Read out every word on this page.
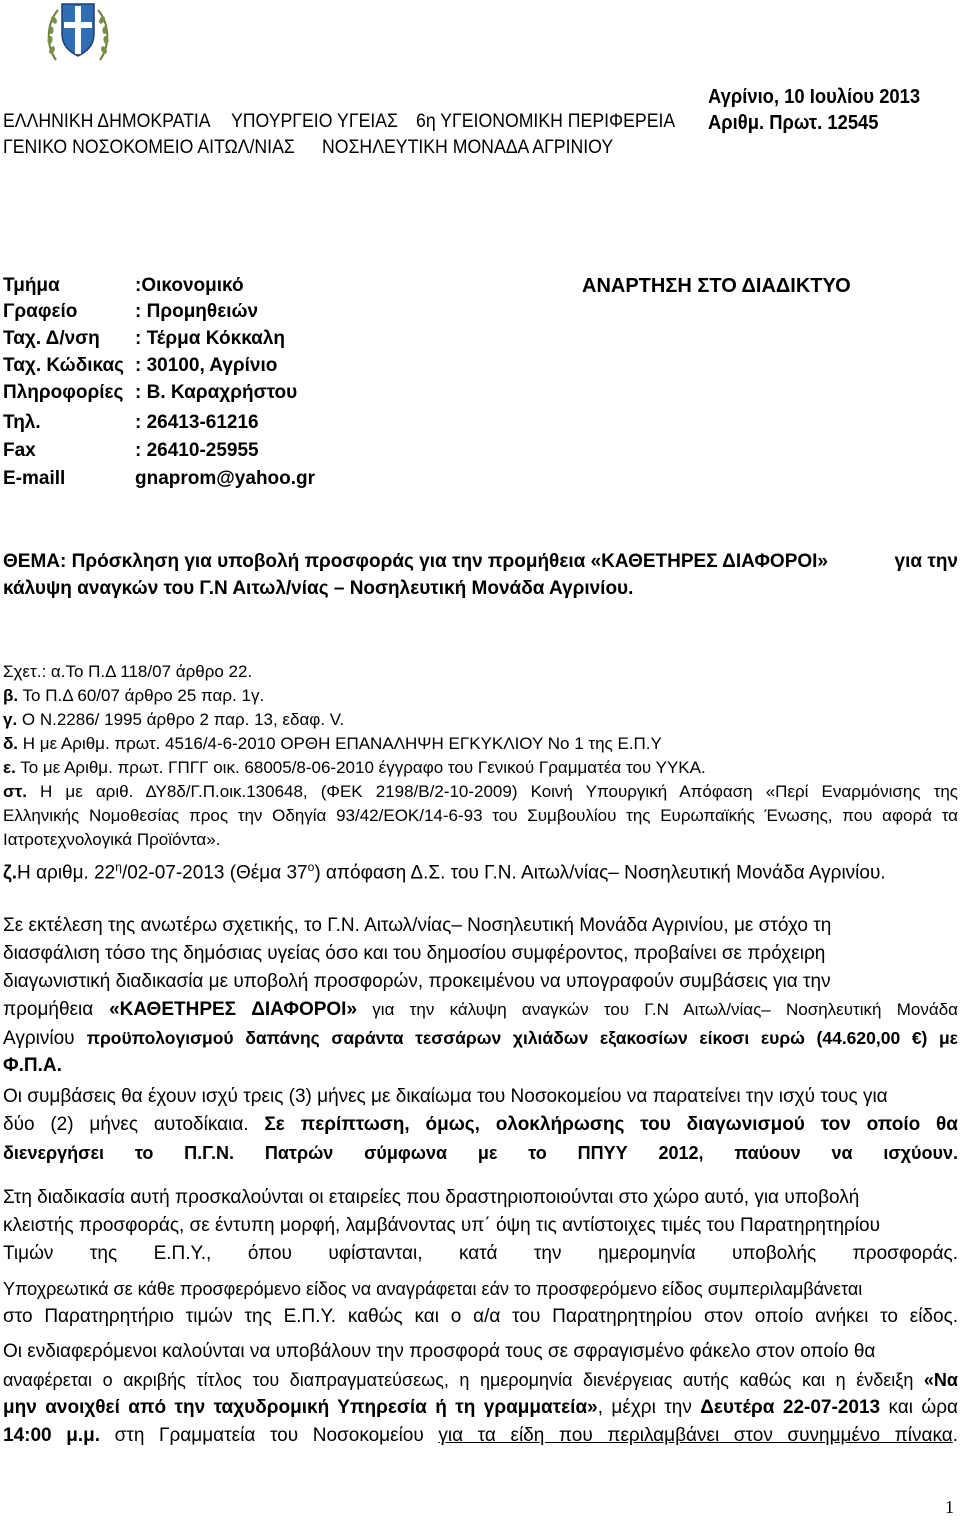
ΕΛΛΗΝΙΚΗ ΔΗΜΟΚΡΑΤΙΑ ΥΠΟΥΡΓΕΙΟ ΥΓΕΙΑΣ 6η ΥΓΕΙΟΝΟΜΙΚΗ ΠΕΡΙΦΕΡΕΙΑ ΓΕΝΙΚΟ ΝΟΣΟΚΟΜΕΙΟ ΑΙΤΩΛ/ΝΙΑΣ ΝΟΣΗΛΕΥΤΙΚΗ ΜΟΝΑΔΑ ΑΓΡΙΝΙΟΥ
Αγρίνιο, 10 Ιουλίου 2013
Αριθμ. Πρωτ. 12545
Τμήμα	:Οικονομικό
Γραφείο	: Προμηθειών
Ταχ. Δ/νση : Τέρμα Κόκκαλη
Ταχ. Κώδικας : 30100, Αγρίνιο
Πληροφορίες : Β. Καραχρήστου
Τηλ.	: 26413-61216
Fax	: 26410-25955
E-maill	gnaprom@yahoo.gr
ΑΝΑΡΤΗΣΗ ΣΤΟ ΔΙΑΔΙΚΤΥΟ
ΘΕΜΑ: Πρόσκληση για υποβολή προσφοράς για την προμήθεια «ΚΑΘΕΤΗΡΕΣ ΔΙΑΦΟΡΟΙ»	για την
κάλυψη αναγκών του Γ.Ν Αιτωλ/νίας – Νοσηλευτική Μονάδα Αγρινίου.
Σχετ.: α.Το Π.Δ 118/07 άρθρο 22.
β. Το Π.Δ 60/07 άρθρο 25 παρ. 1γ.
γ. Ο Ν.2286/ 1995 άρθρο 2 παρ. 13, εδαφ. V.
δ. Η με Αριθμ. πρωτ. 4516/4-6-2010 ΟΡΘΗ ΕΠΑΝΑΛΗΨΗ ΕΓΚΥΚΛΙΟΥ Νο 1 της Ε.Π.Υ
ε. Το με Αριθμ. πρωτ. ΓΠΓΓ οικ. 68005/8-06-2010 έγγραφο του Γενικού Γραμματέα του ΥΥΚΑ.
στ. Η με αριθ. ΔΥ8δ/Γ.Π.οικ.130648, (ΦΕΚ 2198/Β/2-10-2009) Κοινή Υπουργική Απόφαση «Περί Εναρμόνισης της
Ελληνικής Νομοθεσίας προς την Οδηγία 93/42/ΕΟΚ/14-6-93 του Συμβουλίου της Ευρωπαϊκής Ένωσης, που αφορά τα
Ιατροτεχνολογικά Προϊόντα».
ζ.Η αριθμ. $22^\eta/02-07-2013$ (Θέμα $37^o$) απόφαση Δ.Σ. του Γ.Ν. Αιτωλ/νίας– Νοσηλευτική Μονάδα Αγρινίου.
Σε εκτέλεση της ανωτέρω σχετικής, το Γ.Ν. Αιτωλ/νίας– Νοσηλευτική Μονάδα Αγρινίου, με στόχο τη
διασφάλιση τόσο της δημόσιας υγείας όσο και του δημοσίου συμφέροντος, προβαίνει σε πρόχειρη
διαγωνιστική διαδικασία με υποβολή προσφορών, προκειμένου να υπογραφούν συμβάσεις για την
προμήθεια «ΚΑΘΕΤΗΡΕΣ ΔΙΑΦΟΡΟΙ» για την κάλυψη αναγκών του Γ.Ν Αιτωλ/νίας– Νοσηλευτική Μονάδα
Αγρινίου προϋπολογισμού δαπάνης σαράντα τεσσάρων χιλιάδων εξακοσίων είκοσι ευρώ (44.620,00 €) με
Φ.Π.Α.
Οι συμβάσεις θα έχουν ισχύ τρεις (3) μήνες με δικαίωμα του Νοσοκομείου να παρατείνει την ισχύ τους για
δύο (2) μήνες αυτοδίκαια. Σε περίπτωση, όμως, ολοκλήρωσης του διαγωνισμού τον οποίο θα
διενεργήσει το Π.Γ.Ν. Πατρών σύμφωνα με το ΠΠΥΥ 2012, παύουν να ισχύουν.
Στη διαδικασία αυτή προσκαλούνται οι εταιρείες που δραστηριοποιούνται στο χώρο αυτό, για υποβολή
κλειστής προσφοράς, σε έντυπη μορφή, λαμβάνοντας υπ΄ όψη τις αντίστοιχες τιμές του Παρατηρητηρίου
Τιμών της Ε.Π.Υ., όπου υφίστανται, κατά την ημερομηνία υποβολής προσφοράς.
Υποχρεωτικά σε κάθε προσφερόμενο είδος να αναγράφεται εάν το προσφερόμενο είδος συμπεριλαμβάνεται
στο Παρατηρητήριο τιμών της Ε.Π.Υ. καθώς και ο α/α του Παρατηρητηρίου στον οποίο ανήκει το είδος.
Οι ενδιαφερόμενοι καλούνται να υποβάλουν την προσφορά τους σε σφραγισμένο φάκελο στον οποίο θα
αναφέρεται ο ακριβής τίτλος του διαπραγματεύσεως, η ημερομηνία διενέργειας αυτής καθώς και η ένδειξη «Να
μην ανοιχθεί από την ταχυδρομική Υπηρεσία ή τη γραμματεία», μέχρι την Δευτέρα 22-07-2013 και ώρα
14:00 μ.μ. στη Γραμματεία του Νοσοκομείου για τα είδη που περιλαμβάνει στον συνημμένο πίνακα.
1
